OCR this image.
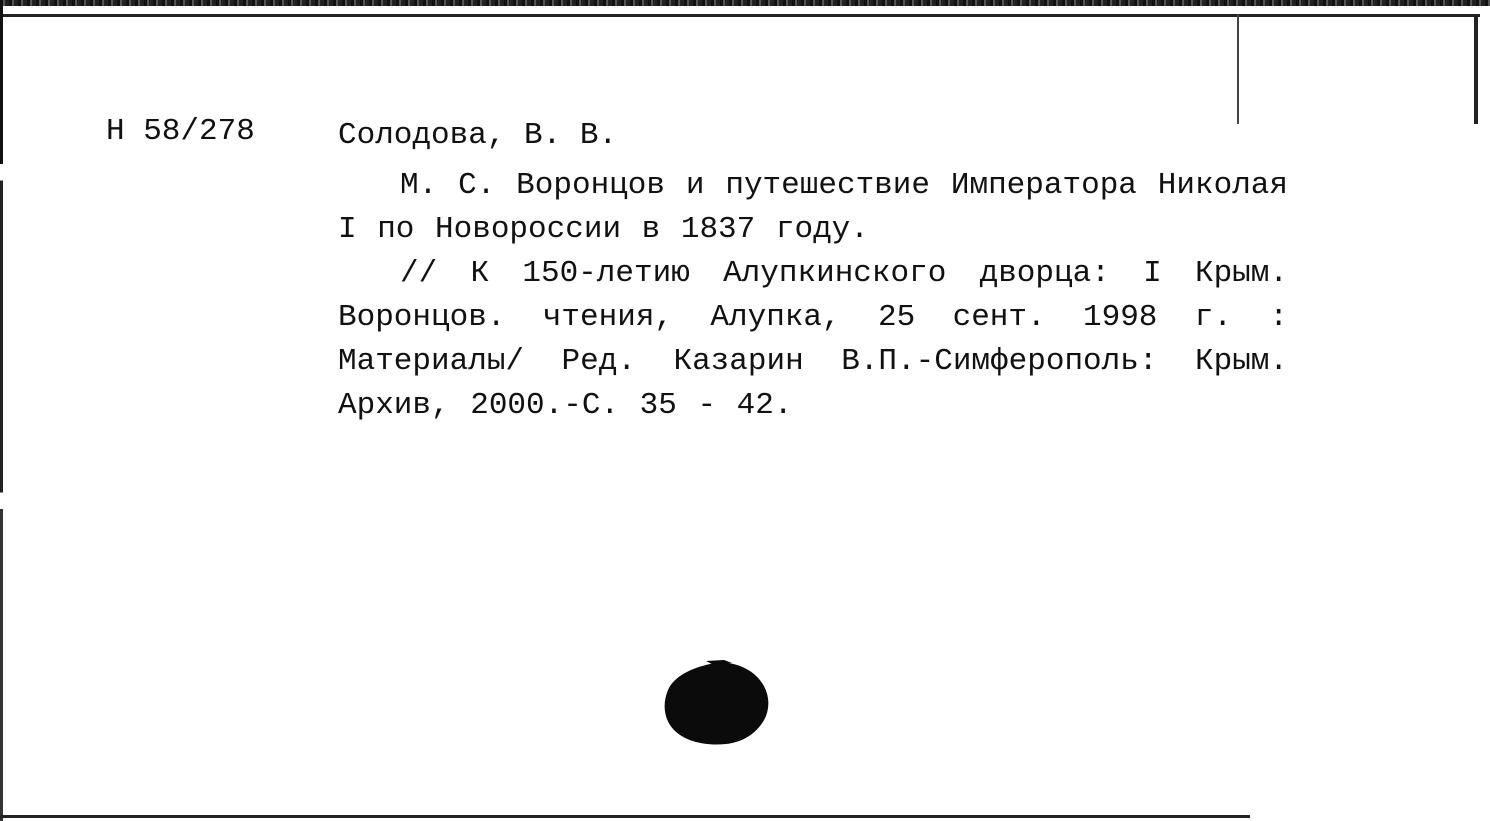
Н 58/278	Солодова, В. В.
М. С. Воронцов и путешествие Императора Николая I по Новороссии в 1837 году.
// К 150-летию Алупкинского дворца: I Крым. Воронцов. чтения, Алупка, 25 сент. 1998 г. : Материалы/ Ред. Казарин В.П.-Симферополь: Крым. Архив, 2000.-С. 35 - 42.
